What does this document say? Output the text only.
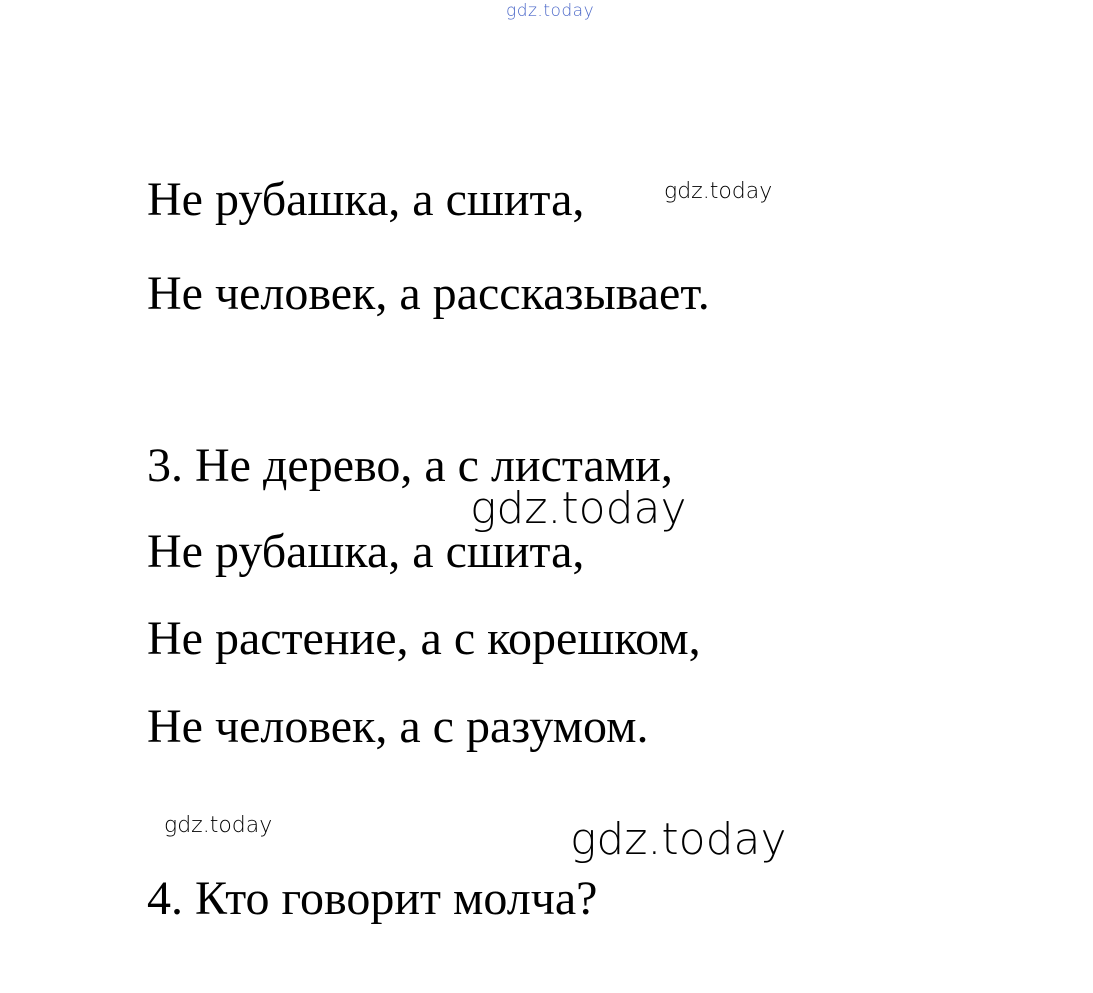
gdz.today
Не рубашка, а сшита,
Не человек, а рассказывает.
3. Не дерево, а с листами,
Не рубашка, а сшита,
Не растение, а с корешком,
Не человек, а с разумом.
4. Кто говорит молча?
gdz.today
gdz.today
gdz.today	gdz.today
